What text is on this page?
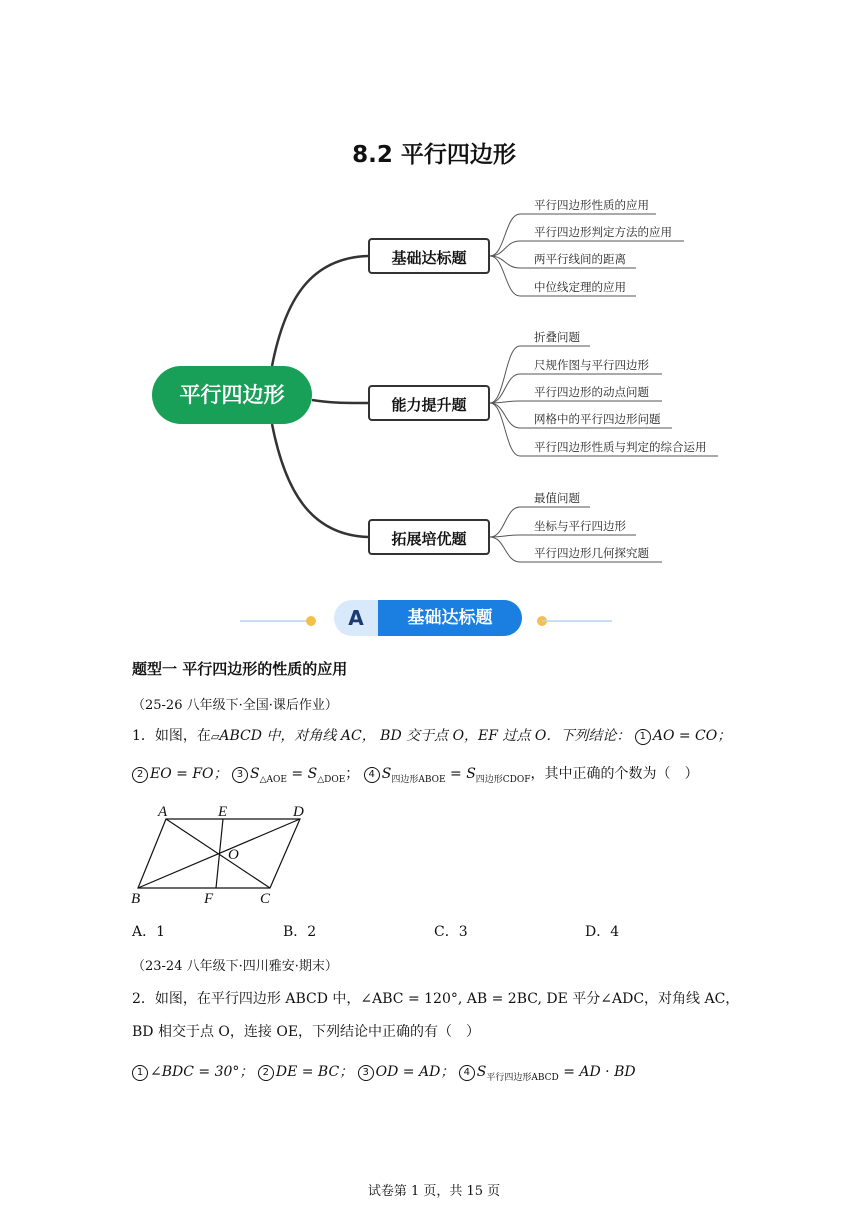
8.2 平行四边形
平行四边形
基础达标题
能力提升题
拓展培优题
平行四边形性质的应用
平行四边形判定方法的应用
两平行线间的距离
中位线定理的应用
折叠问题
尺规作图与平行四边形
平行四边形的动点问题
网格中的平行四边形问题
平行四边形性质与判定的综合运用
最值问题
坐标与平行四边形
平行四边形几何探究题
A	基础达标题
题型一 平行四边形的性质的应用
（25-26 八年级下·全国·课后作业）
1．如图，在▱ABCD 中，对角线 AC， BD 交于点 O，EF 过点 O．下列结论： 1 AO = CO；
2 EO = FO； 3 $S_{\triangle AOE} = S_{\triangle DOE}$； 4 $S_{四边形ABOE} = S_{四边形CDOF}$，其中正确的个数为（　）
A	E	D
O
B	F	C
A．1	B．2	C．3	D．4
（23-24 八年级下·四川雅安·期末）
2．如图，在平行四边形 ABCD 中，∠ABC = 120°, AB = 2BC, DE 平分∠ADC，对角线 AC，
BD 相交于点 O，连接 OE，下列结论中正确的有（　）
1 ∠BDC = 30°； 2 DE = BC； 3 OD = AD； 4 $S_{平行四边形ABCD}$ = AD · BD
试卷第 1 页，共 15 页
